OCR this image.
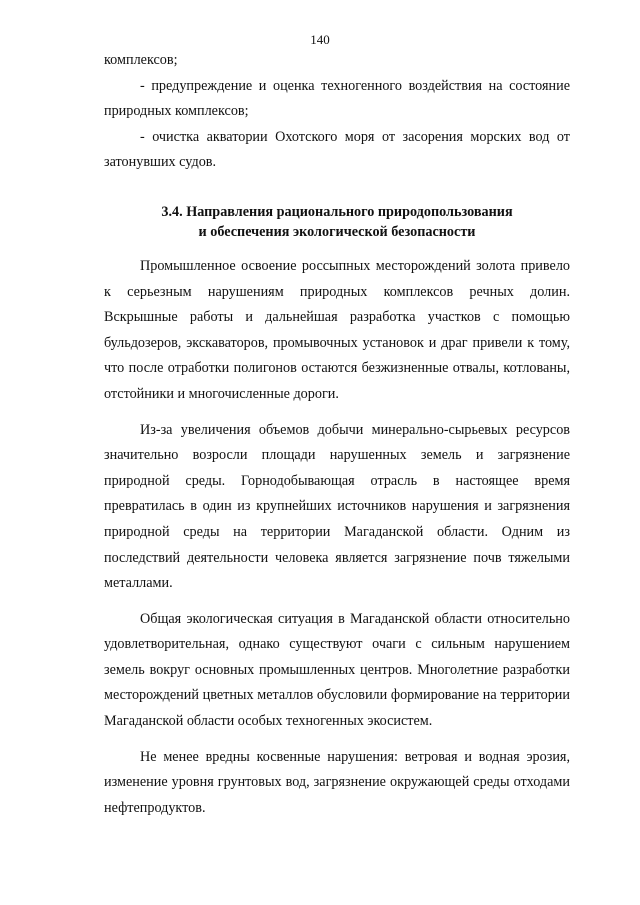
140

комплексов;

- предупреждение и оценка техногенного воздействия на состояние природных комплексов;

- очистка акватории Охотского моря от засорения морских вод от затонувших судов.

3.4. Направления рационального природопользования
и обеспечения экологической безопасности

Промышленное освоение россыпных месторождений золота привело к серьезным нарушениям природных комплексов речных долин. Вскрышные работы и дальнейшая разработка участков с помощью бульдозеров, экскаваторов, промывочных установок и драг привели к тому, что после отработки полигонов остаются безжизненные отвалы, котлованы, отстойники и многочисленные дороги.

Из-за увеличения объемов добычи минерально-сырьевых ресурсов значительно возросли площади нарушенных земель и загрязнение природной среды. Горнодобывающая отрасль в настоящее время превратилась в один из крупнейших источников нарушения и загрязнения природной среды на территории Магаданской области. Одним из последствий деятельности человека является загрязнение почв тяжелыми металлами.

Общая экологическая ситуация в Магаданской области относительно удовлетворительная, однако существуют очаги с сильным нарушением земель вокруг основных промышленных центров. Многолетние разработки месторождений цветных металлов обусловили формирование на территории Магаданской области особых техногенных экосистем.

Не менее вредны косвенные нарушения: ветровая и водная эрозия, изменение уровня грунтовых вод, загрязнение окружающей среды отходами нефтепродуктов.
